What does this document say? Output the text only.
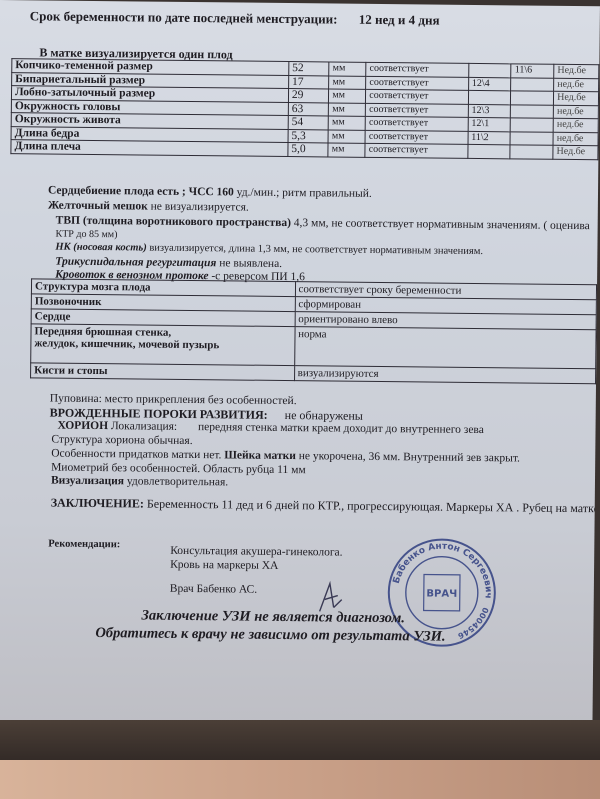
Срок беременности по дате последней менструации: 12 нед и 4 дня
В матке визуализируется один плод
Копчико-теменной размер	52	мм	соответствует		11\6	Нед.бе
Бипариетальный размер	17	мм	соответствует	12\4		нед.бе
Лобно-затылочный размер	29	мм	соответствует			Нед.бе
Окружность головы	63	мм	соответствует	12\3		нед.бе
Окружность живота	54	мм	соответствует	12\1		нед.бе
Длина бедра	5,3	мм	соответствует	11\2		нед.бе
Длина плеча	5,0	мм	соответствует			Нед.бе
Сердцебиение плода есть ; ЧСС 160 уд./мин.; ритм правильный.
Желточный мешок не визуализируется.
ТВП (толщина воротникового пространства) 4,3 мм, не соответствует нормативным значениям. ( оценива
КТР до 85 мм)
НК (носовая кость) визуализируется, длина 1,3 мм, не соответствует нормативным значениям.
Трикуспидальная регургитация не выявлена.
Кровоток в венозном протоке -с реверсом ПИ 1,6
Структура мозга плода	соответствует сроку беременности

Позвоночник	сформирован

Сердце	ориентировано влево

Передняя брюшная стенка,
желудок, кишечник, мочевой пузырь	норма

Кисти и стопы	визуализируются
Пуповина: место прикрепления без особенностей.
ВРОЖДЕННЫЕ ПОРОКИ РАЗВИТИЯ: не обнаружены
ХОРИОН Локализация: передняя стенка матки краем доходит до внутреннего зева
Структура хориона обычная.
Особенности придатков матки нет. Шейка матки не укорочена, 36 мм. Внутренний зев закрыт.
Миометрий без особенностей. Область рубца 11 мм
Визуализация удовлетворительная.
ЗАКЛЮЧЕНИЕ: Беременность 11 дед и 6 дней по КТР., прогрессирующая. Маркеры ХА . Рубец на матке
Рекомендации:
Консультация акушера-гинеколога.
Кровь на маркеры ХА
Врач Бабенко АС.
Бабенко Антон Сергеевич
0004546
ВРАЧ
Заключение УЗИ не является диагнозом.
Обратитесь к врачу не зависимо от результата УЗИ.
